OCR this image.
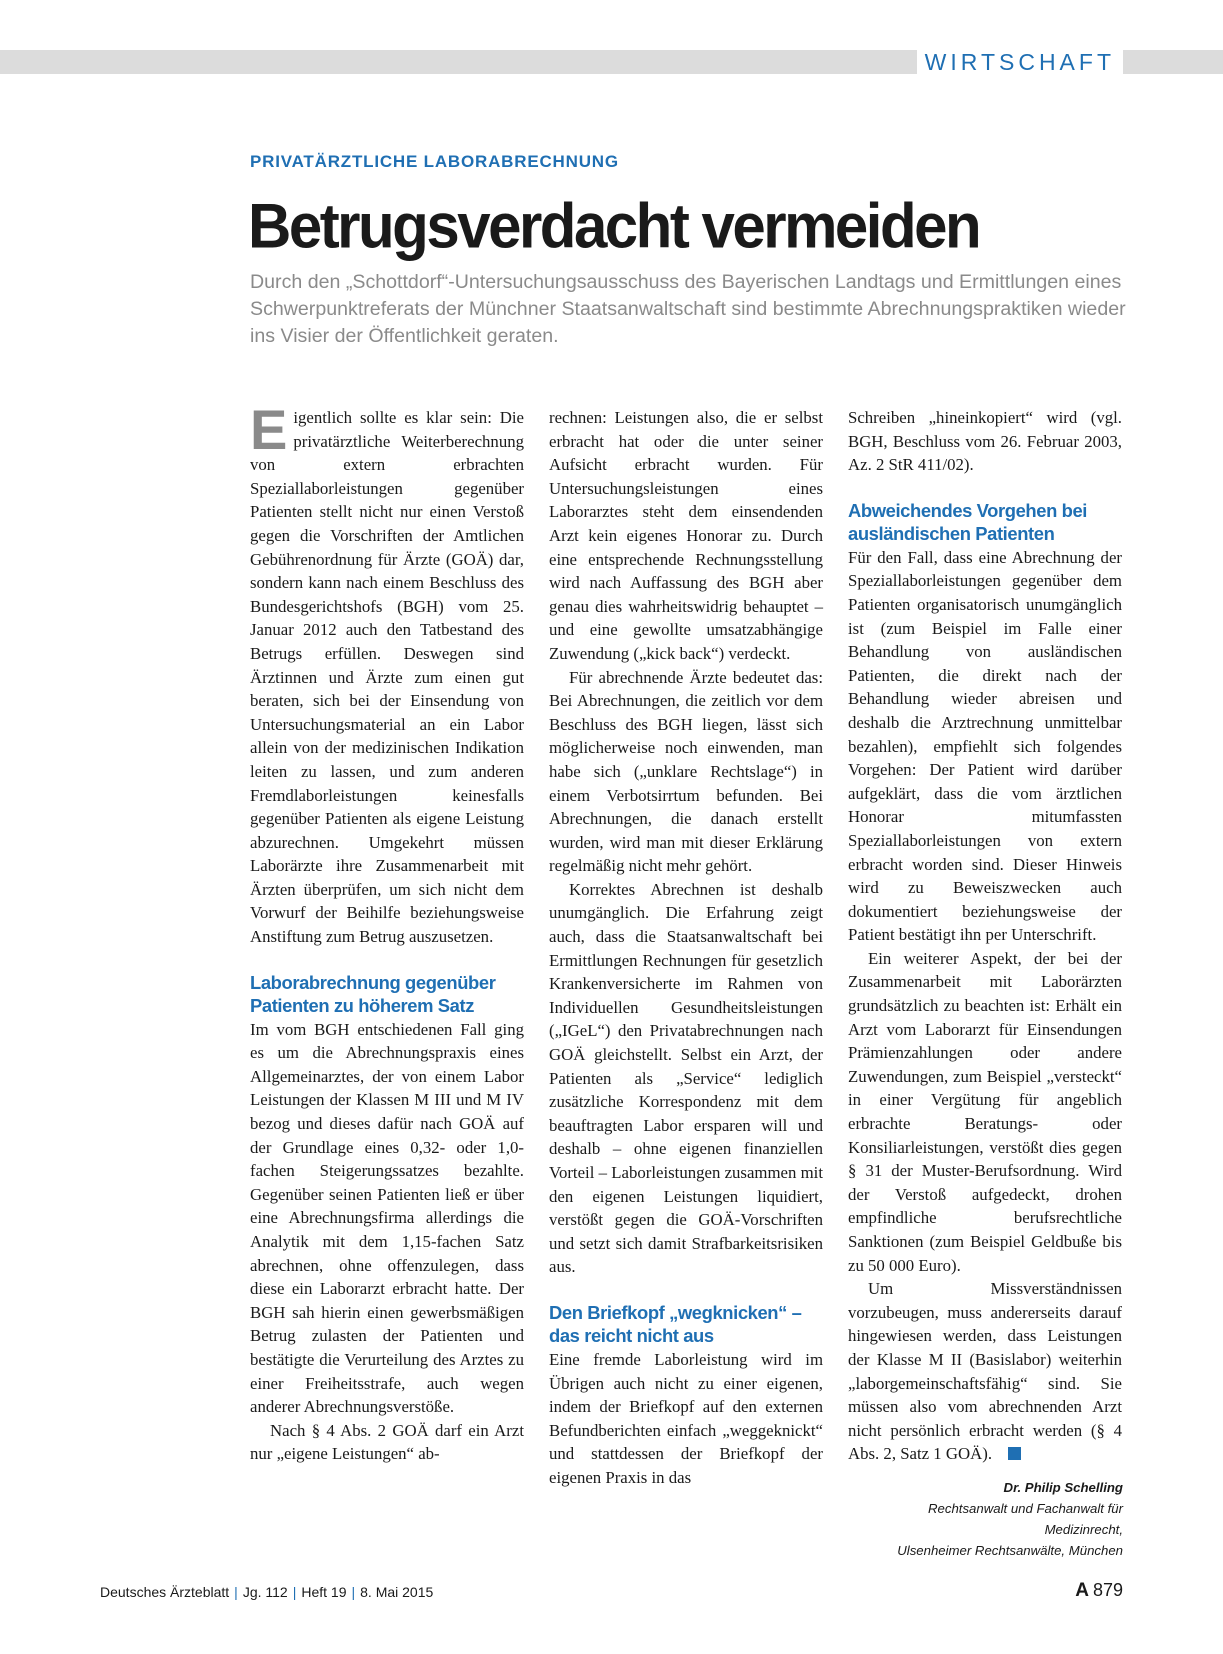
WIRTSCHAFT
PRIVATÄRZTLICHE LABORABRECHNUNG
Betrugsverdacht vermeiden

Durch den „Schottdorf“-Untersuchungsausschuss des Bayerischen Landtags und Ermittlungen eines Schwerpunktreferats der Münchner Staatsanwaltschaft sind bestimmte Abrechnungspraktiken wieder ins Visier der Öffentlichkeit geraten.

Eigentlich sollte es klar sein: Die privatärztliche Weiterberechnung von extern erbrachten Speziallaborleistungen gegenüber Patienten stellt nicht nur einen Verstoß gegen die Vorschriften der Amtlichen Gebührenordnung für Ärzte (GOÄ) dar, sondern kann nach einem Beschluss des Bundesgerichtshofs (BGH) vom 25. Januar 2012 auch den Tatbestand des Betrugs erfüllen. Deswegen sind Ärztinnen und Ärzte zum einen gut beraten, sich bei der Einsendung von Untersuchungsmaterial an ein Labor allein von der medizinischen Indikation leiten zu lassen, und zum anderen Fremdlaborleistungen keinesfalls gegenüber Patienten als eigene Leistung abzurechnen. Umgekehrt müssen Laborärzte ihre Zusammenarbeit mit Ärzten überprüfen, um sich nicht dem Vorwurf der Beihilfe beziehungsweise Anstiftung zum Betrug auszusetzen.

Laborabrechnung gegenüber Patienten zu höherem Satz

Im vom BGH entschiedenen Fall ging es um die Abrechnungspraxis eines Allgemeinarztes, der von einem Labor Leistungen der Klassen M III und M IV bezog und dieses dafür nach GOÄ auf der Grundlage eines 0,32- oder 1,0-fachen Steigerungssatzes bezahlte. Gegenüber seinen Patienten ließ er über eine Abrechnungsfirma allerdings die Analytik mit dem 1,15-fachen Satz abrechnen, ohne offenzulegen, dass diese ein Laborarzt erbracht hatte. Der BGH sah hierin einen gewerbsmäßigen Betrug zulasten der Patienten und bestätigte die Verurteilung des Arztes zu einer Freiheitsstrafe, auch wegen anderer Abrechnungsverstöße.

Nach § 4 Abs. 2 GOÄ darf ein Arzt nur „eigene Leistungen“ ab-

rechnen: Leistungen also, die er selbst erbracht hat oder die unter seiner Aufsicht erbracht wurden. Für Untersuchungsleistungen eines Laborarztes steht dem einsendenden Arzt kein eigenes Honorar zu. Durch eine entsprechende Rechnungsstellung wird nach Auffassung des BGH aber genau dies wahrheitswidrig behauptet – und eine gewollte umsatzabhängige Zuwendung („kick back“) verdeckt.

Für abrechnende Ärzte bedeutet das: Bei Abrechnungen, die zeitlich vor dem Beschluss des BGH liegen, lässt sich möglicherweise noch einwenden, man habe sich („unklare Rechtslage“) in einem Verbotsirrtum befunden. Bei Abrechnungen, die danach erstellt wurden, wird man mit dieser Erklärung regelmäßig nicht mehr gehört.

Korrektes Abrechnen ist deshalb unumgänglich. Die Erfahrung zeigt auch, dass die Staatsanwaltschaft bei Ermittlungen Rechnungen für gesetzlich Krankenversicherte im Rahmen von Individuellen Gesundheitsleistungen („IGeL“) den Privatabrechnungen nach GOÄ gleichstellt. Selbst ein Arzt, der Patienten als „Service“ lediglich zusätzliche Korrespondenz mit dem beauftragten Labor ersparen will und deshalb – ohne eigenen finanziellen Vorteil – Laborleistungen zusammen mit den eigenen Leistungen liquidiert, verstößt gegen die GOÄ-Vorschriften und setzt sich damit Strafbarkeitsrisiken aus.

Den Briefkopf „wegknicken“ – das reicht nicht aus

Eine fremde Laborleistung wird im Übrigen auch nicht zu einer eigenen, indem der Briefkopf auf den externen Befundberichten einfach „weggeknickt“ und stattdessen der Briefkopf der eigenen Praxis in das

Schreiben „hineinkopiert“ wird (vgl. BGH, Beschluss vom 26. Februar 2003, Az. 2 StR 411/02).

Abweichendes Vorgehen bei ausländischen Patienten

Für den Fall, dass eine Abrechnung der Speziallaborleistungen gegenüber dem Patienten organisatorisch unumgänglich ist (zum Beispiel im Falle einer Behandlung von ausländischen Patienten, die direkt nach der Behandlung wieder abreisen und deshalb die Arztrechnung unmittelbar bezahlen), empfiehlt sich folgendes Vorgehen: Der Patient wird darüber aufgeklärt, dass die vom ärztlichen Honorar mitumfassten Speziallaborleistungen von extern erbracht worden sind. Dieser Hinweis wird zu Beweiszwecken auch dokumentiert beziehungsweise der Patient bestätigt ihn per Unterschrift.

Ein weiterer Aspekt, der bei der Zusammenarbeit mit Laborärzten grundsätzlich zu beachten ist: Erhält ein Arzt vom Laborarzt für Einsendungen Prämienzahlungen oder andere Zuwendungen, zum Beispiel „versteckt“ in einer Vergütung für angeblich erbrachte Beratungs- oder Konsiliarleistungen, verstößt dies gegen § 31 der Muster-Berufsordnung. Wird der Verstoß aufgedeckt, drohen empfindliche berufsrechtliche Sanktionen (zum Beispiel Geldbuße bis zu 50 000 Euro).

Um Missverständnissen vorzubeugen, muss andererseits darauf hingewiesen werden, dass Leistungen der Klasse M II (Basislabor) weiterhin „laborgemeinschaftsfähig“ sind. Sie müssen also vom abrechnenden Arzt nicht persönlich erbracht werden (§ 4 Abs. 2, Satz 1 GOÄ).

Dr. Philip Schelling
Rechtsanwalt und Fachanwalt für
Medizinrecht,
Ulsenheimer Rechtsanwälte, München
Deutsches Ärzteblatt | Jg. 112 | Heft 19 | 8. Mai 2015	A 879
